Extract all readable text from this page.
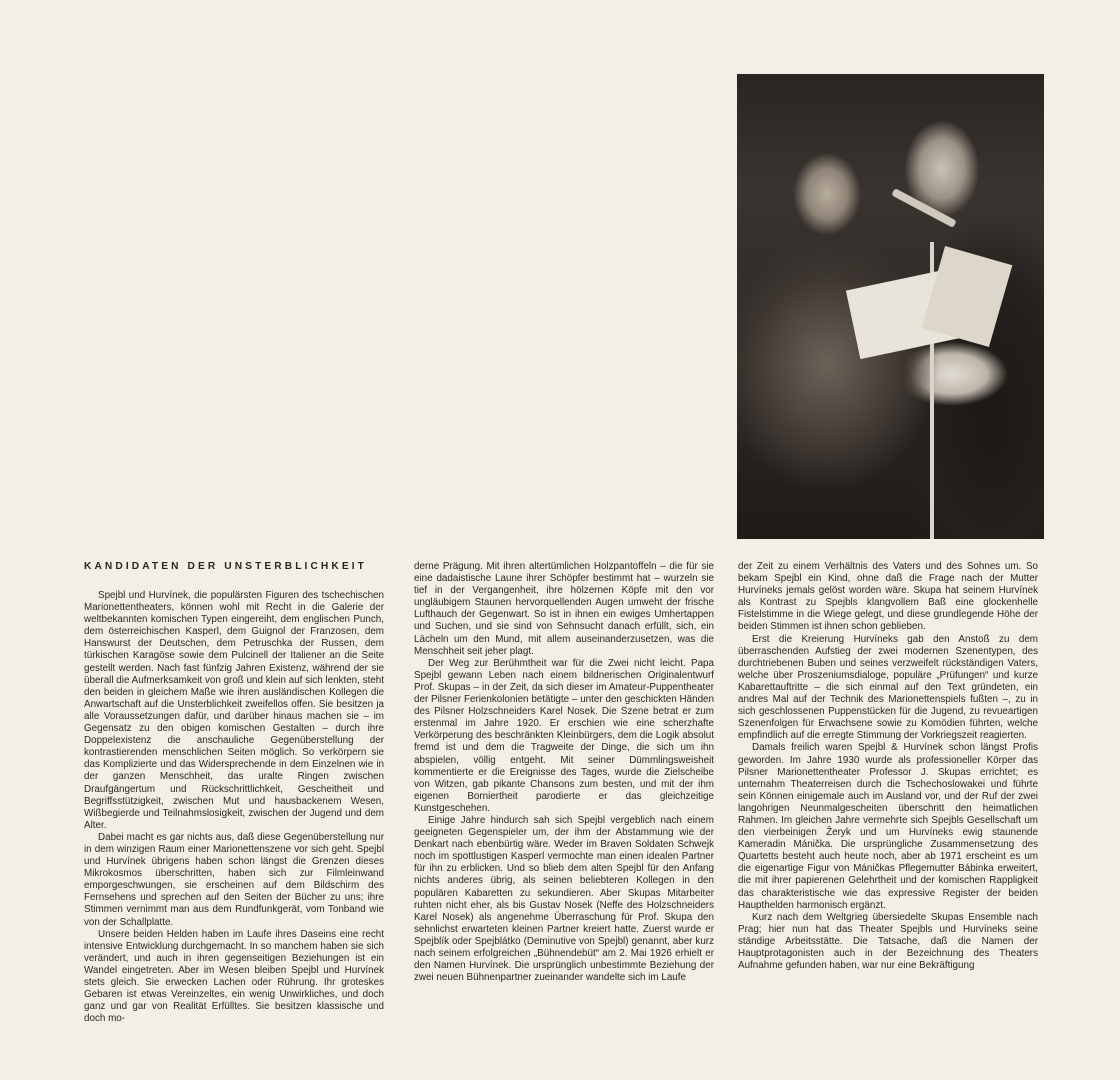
KANDIDATEN DER UNSTERBLICHKEIT

Spejbl und Hurvínek, die populärsten Figuren des tschechischen Marionettentheaters, können wohl mit Recht in die Galerie der weltbekannten komischen Typen eingereiht, dem englischen Punch, dem österreichischen Kasperl, dem Guignol der Franzosen, dem Hanswurst der Deutschen, dem Petruschka der Russen, dem türkischen Karagöse sowie dem Pulcinell der Italiener an die Seite gestellt werden. Nach fast fünfzig Jahren Existenz, während der sie überall die Aufmerksamkeit von groß und klein auf sich lenkten, steht den beiden in gleichem Maße wie ihren ausländischen Kollegen die Anwartschaft auf die Unsterblichkeit zweifellos offen. Sie besitzen ja alle Voraussetzungen dafür, und darüber hinaus machen sie – im Gegensatz zu den obigen komischen Gestalten – durch ihre Doppelexistenz die anschauliche Gegenüberstellung der kontrastierenden menschlichen Seiten möglich. So verkörpern sie das Komplizierte und das Widersprechende in dem Einzelnen wie in der ganzen Menschheit, das uralte Ringen zwischen Draufgängertum und Rückschrittlichkeit, Gescheitheit und Begriffsstützigkeit, zwischen Mut und hausbackenem Wesen, Wißbegierde und Teilnahmslosigkeit, zwischen der Jugend und dem Alter.

Dabei macht es gar nichts aus, daß diese Gegenüberstellung nur in dem winzigen Raum einer Marionettenszene vor sich geht. Spejbl und Hurvínek übrigens haben schon längst die Grenzen dieses Mikrokosmos überschritten, haben sich zur Filmleinwand emporgeschwungen, sie erscheinen auf dem Bildschirm des Fernsehens und sprechen auf den Seiten der Bücher zu uns; ihre Stimmen vernimmt man aus dem Rundfunkgerät, vom Tonband wie von der Schallplatte.

Unsere beiden Helden haben im Laufe ihres Daseins eine recht intensive Entwicklung durchgemacht. In so manchem haben sie sich verändert, und auch in ihren gegenseitigen Beziehungen ist ein Wandel eingetreten. Aber im Wesen bleiben Spejbl und Hurvínek stets gleich. Sie erwecken Lachen oder Rührung. Ihr groteskes Gebaren ist etwas Vereinzeltes, ein wenig Unwirkliches, und doch ganz und gar von Realität Erfülltes. Sie besitzen klassische und doch mo-

derne Prägung. Mit ihren altertümlichen Holzpantoffeln – die für sie eine dadaistische Laune ihrer Schöpfer bestimmt hat – wurzeln sie tief in der Vergangenheit, ihre hölzernen Köpfe mit den vor ungläubigem Staunen hervorquellenden Augen umweht der frische Lufthauch der Gegenwart. So ist in ihnen ein ewiges Umhertappen und Suchen, und sie sind von Sehnsucht danach erfüllt, sich, ein Lächeln um den Mund, mit allem auseinanderzusetzen, was die Menschheit seit jeher plagt.

Der Weg zur Berühmtheit war für die Zwei nicht leicht. Papa Spejbl gewann Leben nach einem bildnerischen Originalentwurf Prof. Skupas – in der Zeit, da sich dieser im Amateur-Puppentheater der Pilsner Ferienkolonien betätigte – unter den geschickten Händen des Pilsner Holzschneiders Karel Nosek. Die Szene betrat er zum erstenmal im Jahre 1920. Er erschien wie eine scherzhafte Verkörperung des beschränkten Kleinbürgers, dem die Logik absolut fremd ist und dem die Tragweite der Dinge, die sich um ihn abspielen, völlig entgeht. Mit seiner Dümmlingsweisheit kommentierte er die Ereignisse des Tages, wurde die Zielscheibe von Witzen, gab pikante Chansons zum besten, und mit der ihm eigenen Borniertheit parodierte er das gleichzeitige Kunstgeschehen.

Einige Jahre hindurch sah sich Spejbl vergeblich nach einem geeigneten Gegenspieler um, der ihm der Abstammung wie der Denkart nach ebenbürtig wäre. Weder im Braven Soldaten Schwejk noch im spottlustigen Kasperl vermochte man einen idealen Partner für ihn zu erblicken. Und so blieb dem alten Spejbl für den Anfang nichts anderes übrig, als seinen beliebteren Kollegen in den populären Kabaretten zu sekundieren. Aber Skupas Mitarbeiter ruhten nicht eher, als bis Gustav Nosek (Neffe des Holzschneiders Karel Nosek) als angenehme Überraschung für Prof. Skupa den sehnlichst erwarteten kleinen Partner kreiert hatte. Zuerst wurde er Spejblík oder Spejblátko (Deminutive von Spejbl) genannt, aber kurz nach seinem erfolgreichen „Bühnendebüt“ am 2. Mai 1926 erhielt er den Namen Hurvínek. Die ursprünglich unbestimmte Beziehung der zwei neuen Bühnenpartner zueinander wandelte sich im Laufe

der Zeit zu einem Verhältnis des Vaters und des Sohnes um. So bekam Spejbl ein Kind, ohne daß die Frage nach der Mutter Hurvíneks jemals gelöst worden wäre. Skupa hat seinem Hurvínek als Kontrast zu Spejbls klangvollem Baß eine glockenhelle Fistelstimme in die Wiege gelegt, und diese grundlegende Höhe der beiden Stimmen ist ihnen schon geblieben.

Erst die Kreierung Hurvíneks gab den Anstoß zu dem überraschenden Aufstieg der zwei modernen Szenentypen, des durchtriebenen Buben und seines verzweifelt rückständigen Vaters, welche über Proszeniumsdialoge, populäre „Prüfungen“ und kurze Kabarettauftritte – die sich einmal auf den Text gründeten, ein andres Mal auf der Technik des Marionettenspiels fußten –, zu in sich geschlossenen Puppenstücken für die Jugend, zu revueartigen Szenenfolgen für Erwachsene sowie zu Komödien führten, welche empfindlich auf die erregte Stimmung der Vorkriegszeit reagierten.

Damals freilich waren Spejbl & Hurvínek schon längst Profis geworden. Im Jahre 1930 wurde als professioneller Körper das Pilsner Marionettentheater Professor J. Skupas errichtet; es unternahm Theaterreisen durch die Tschechoslowakei und führte sein Können einigemale auch im Ausland vor, und der Ruf der zwei langohrigen Neunmalgescheiten überschritt den heimatlichen Rahmen. Im gleichen Jahre vermehrte sich Spejbls Gesellschaft um den vierbeinigen Žeryk und um Hurvíneks ewig staunende Kameradin Mánička. Die ursprüngliche Zusammensetzung des Quartetts besteht auch heute noch, aber ab 1971 erscheint es um die eigenartige Figur von Máničkas Pflegemutter Bábinka erweitert, die mit ihrer papierenen Gelehrtheit und der komischen Rappligkeit das charakteristische wie das expressive Register der beiden Haupthelden harmonisch ergänzt.

Kurz nach dem Weltgrieg übersiedelte Skupas Ensemble nach Prag; hier nun hat das Theater Spejbls und Hurvíneks seine ständige Arbeitsstätte. Die Tatsache, daß die Namen der Hauptprotagonisten auch in der Bezeichnung des Theaters Aufnahme gefunden haben, war nur eine Bekräftigung
